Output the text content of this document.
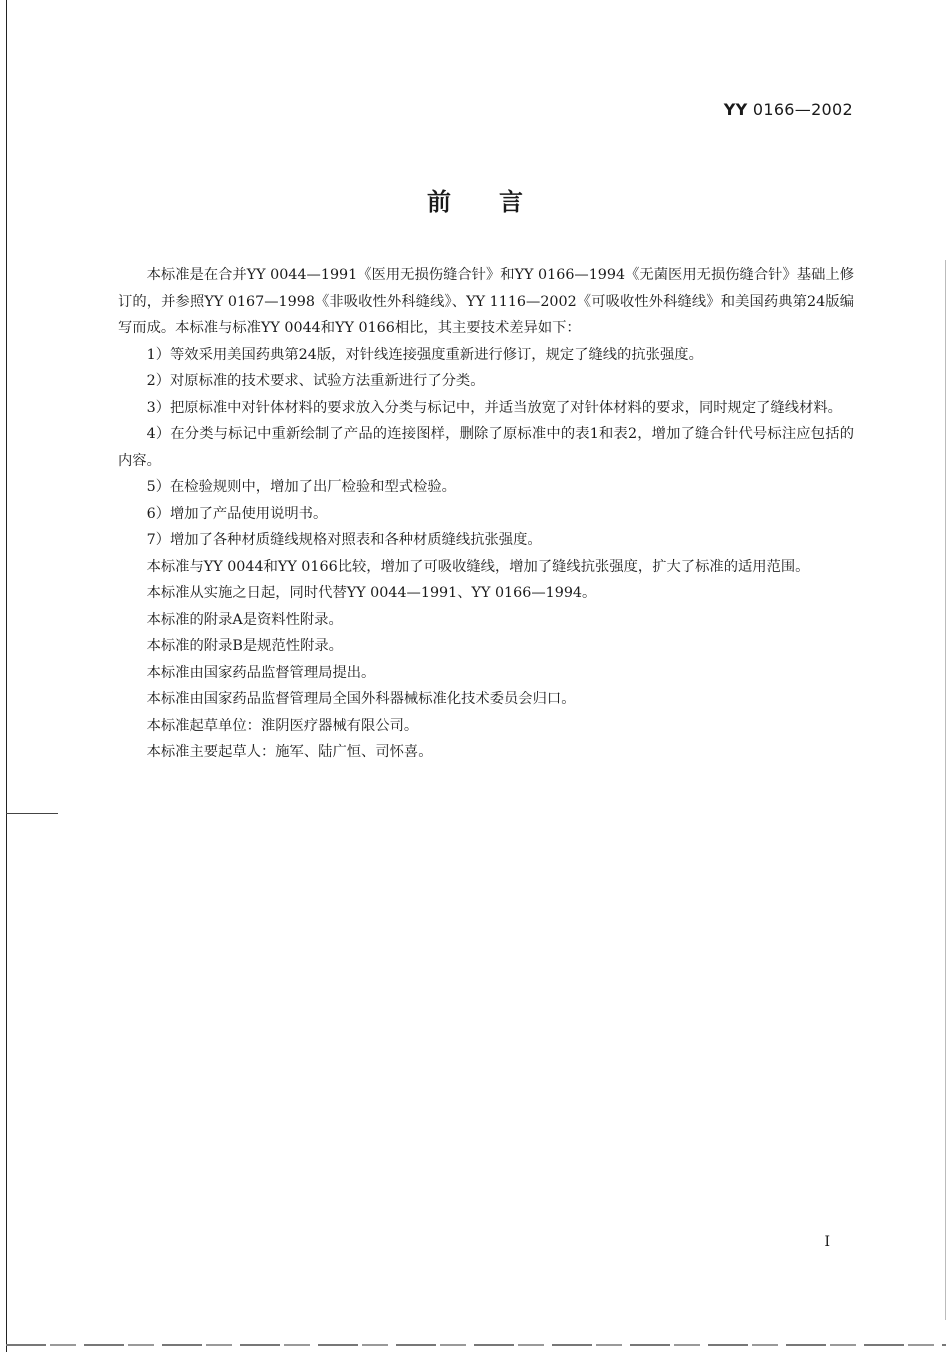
YY 0166—2002
前 言

本标准是在合并YY 0044—1991《医用无损伤缝合针》和YY 0166—1994《无菌医用无损伤缝合针》基础上修订的，并参照YY 0167—1998《非吸收性外科缝线》、YY 1116—2002《可吸收性外科缝线》和美国药典第24版编写而成。本标准与标准YY 0044和YY 0166相比，其主要技术差异如下：

1）等效采用美国药典第24版，对针线连接强度重新进行修订，规定了缝线的抗张强度。

2）对原标准的技术要求、试验方法重新进行了分类。

3）把原标准中对针体材料的要求放入分类与标记中，并适当放宽了对针体材料的要求，同时规定了缝线材料。

4）在分类与标记中重新绘制了产品的连接图样，删除了原标准中的表1和表2，增加了缝合针代号标注应包括的内容。

5）在检验规则中，增加了出厂检验和型式检验。

6）增加了产品使用说明书。

7）增加了各种材质缝线规格对照表和各种材质缝线抗张强度。

本标准与YY 0044和YY 0166比较，增加了可吸收缝线，增加了缝线抗张强度，扩大了标准的适用范围。

本标准从实施之日起，同时代替YY 0044—1991、YY 0166—1994。

本标准的附录A是资料性附录。

本标准的附录B是规范性附录。

本标准由国家药品监督管理局提出。

本标准由国家药品监督管理局全国外科器械标准化技术委员会归口。

本标准起草单位：淮阴医疗器械有限公司。

本标准主要起草人：施军、陆广恒、司怀喜。

I
